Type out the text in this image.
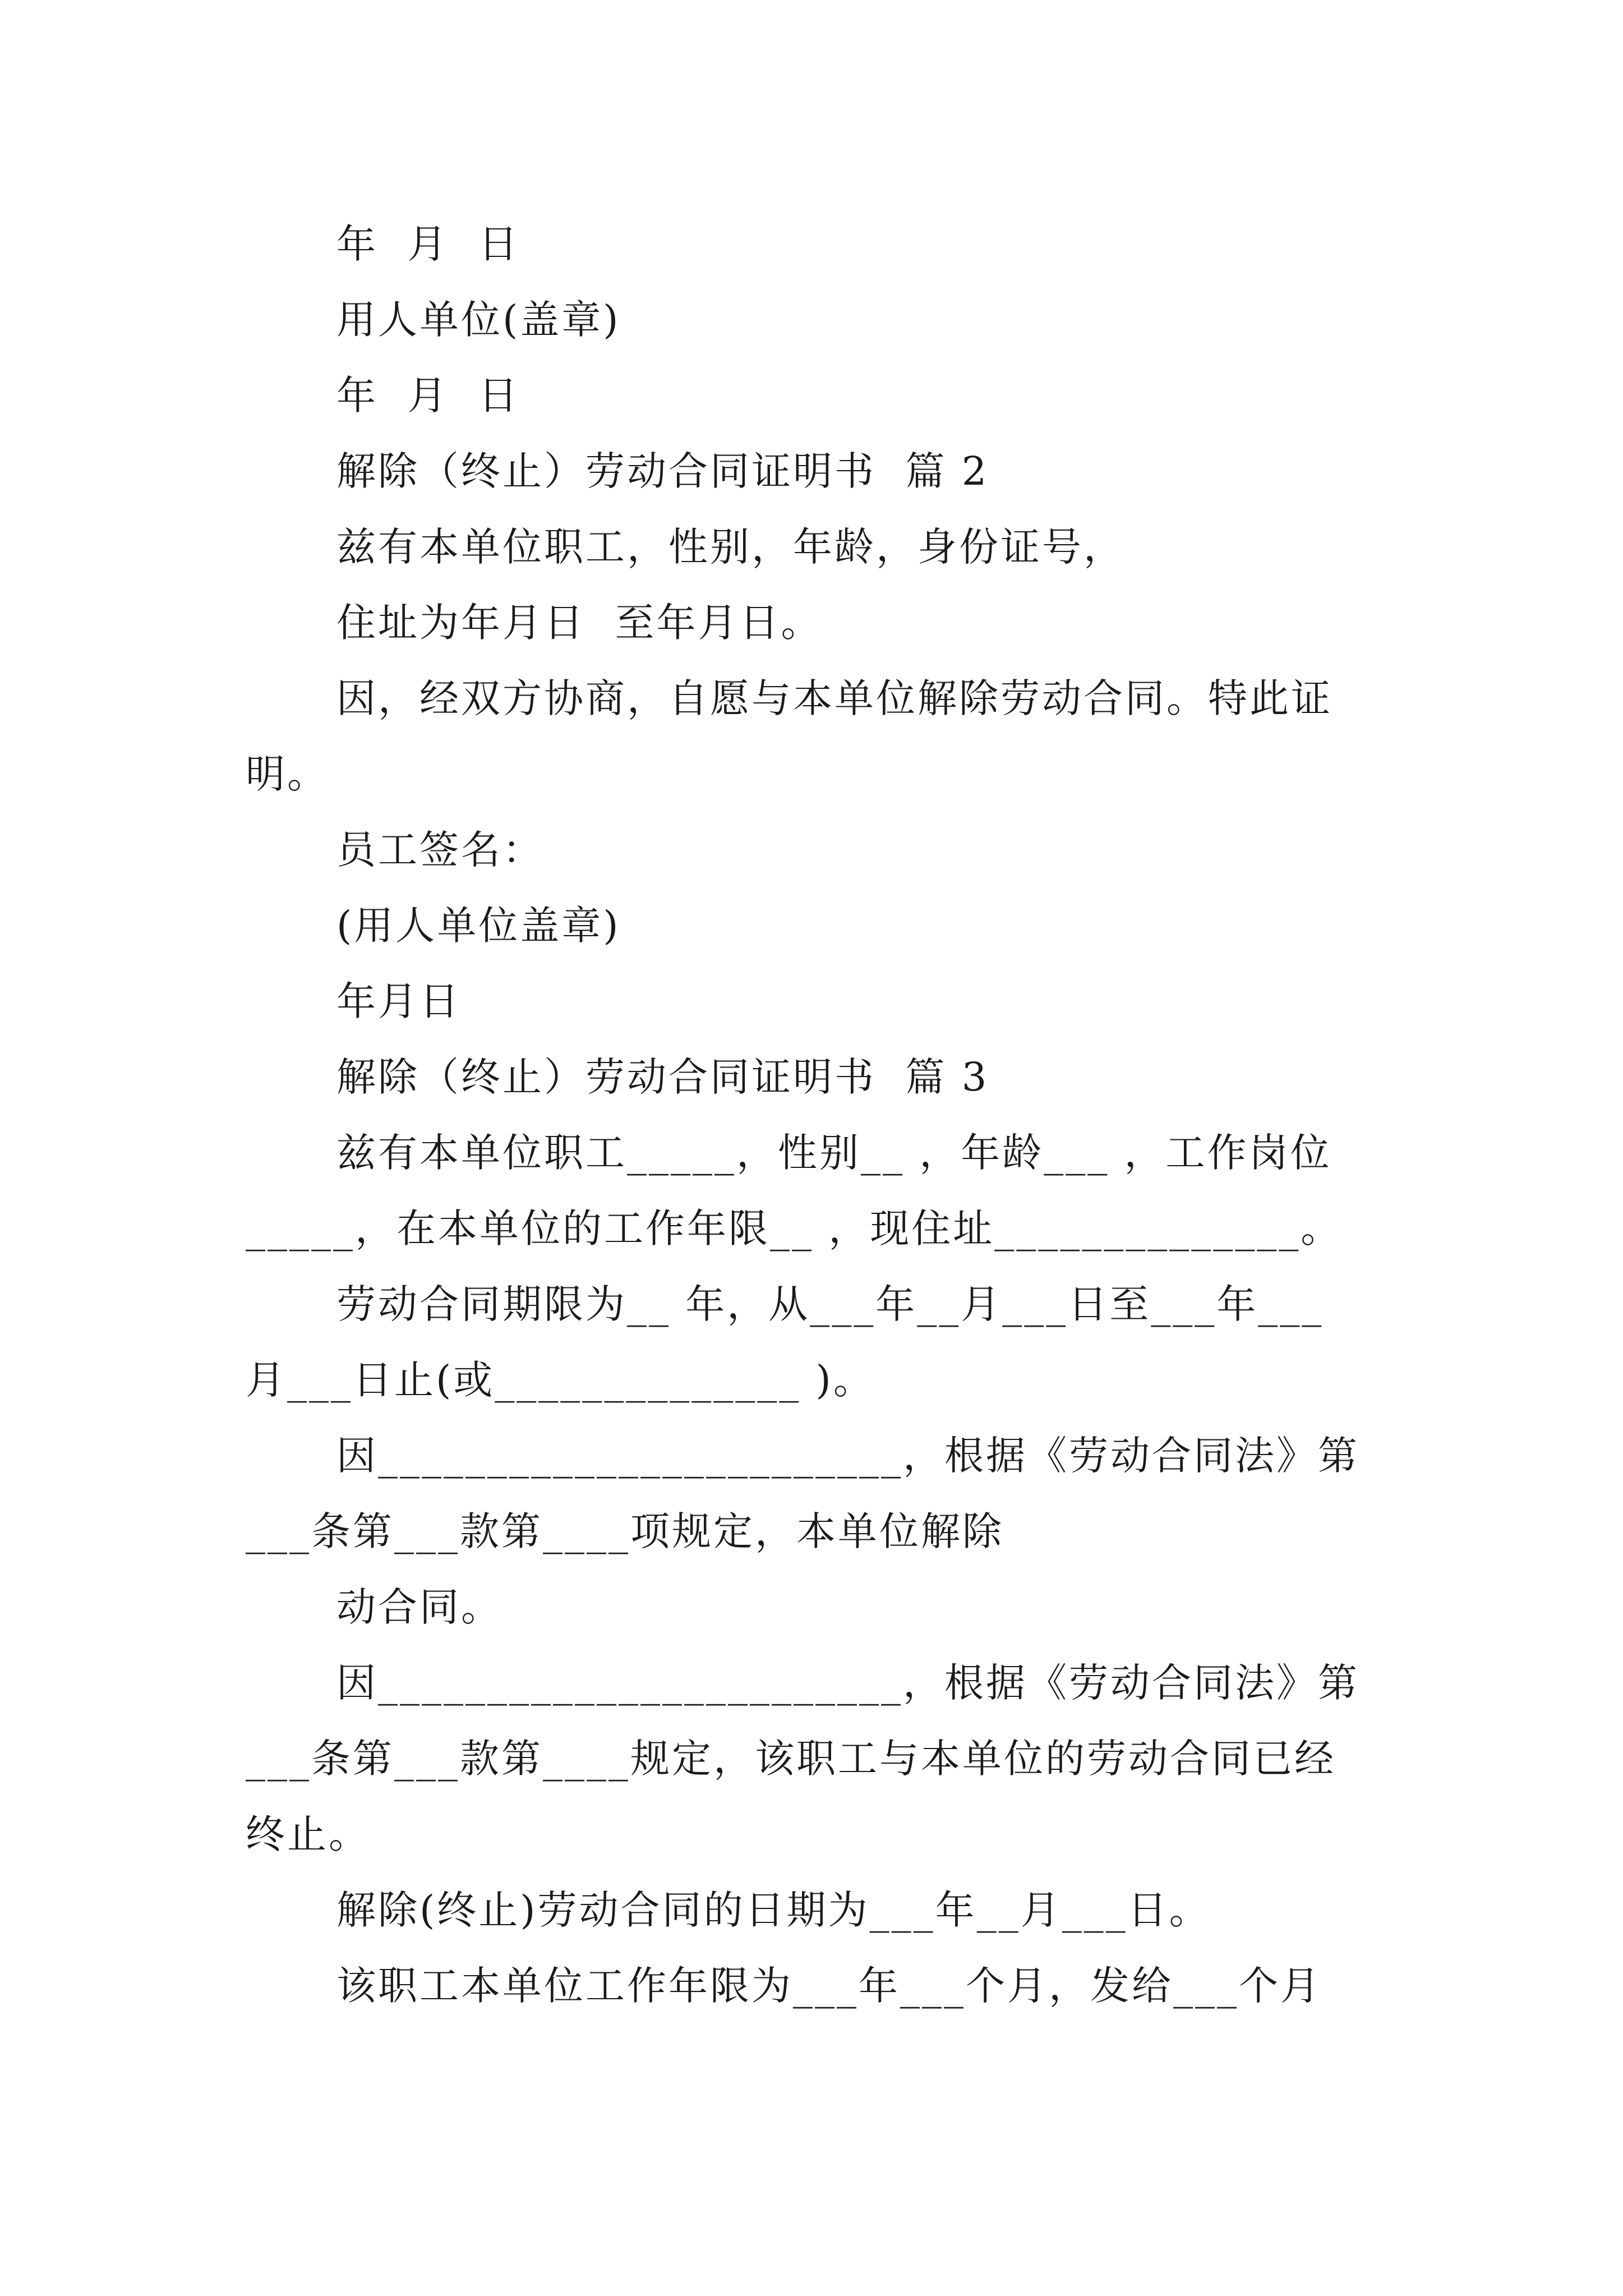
年  月  日
用人单位(盖章)
年  月  日
解除（终止）劳动合同证明书  篇 2
兹有本单位职工，性别，年龄，身份证号，
住址为年月日  至年月日。
因，经双方协商，自愿与本单位解除劳动合同。特此证
明。
员工签名：
(用人单位盖章)
年月日
解除（终止）劳动合同证明书  篇 3
兹有本单位职工_____，性别__ ，年龄___ ，工作岗位
_____，在本单位的工作年限__ ，现住址______________。
劳动合同期限为__ 年，从___年__月___日至___年___
月___日止(或______________ )。
因________________________，根据《劳动合同法》第
___条第___款第____项规定，本单位解除
动合同。
因________________________，根据《劳动合同法》第
___条第___款第____规定，该职工与本单位的劳动合同已经
终止。
解除(终止)劳动合同的日期为___年__月___日。
该职工本单位工作年限为___年___个月，发给___个月
